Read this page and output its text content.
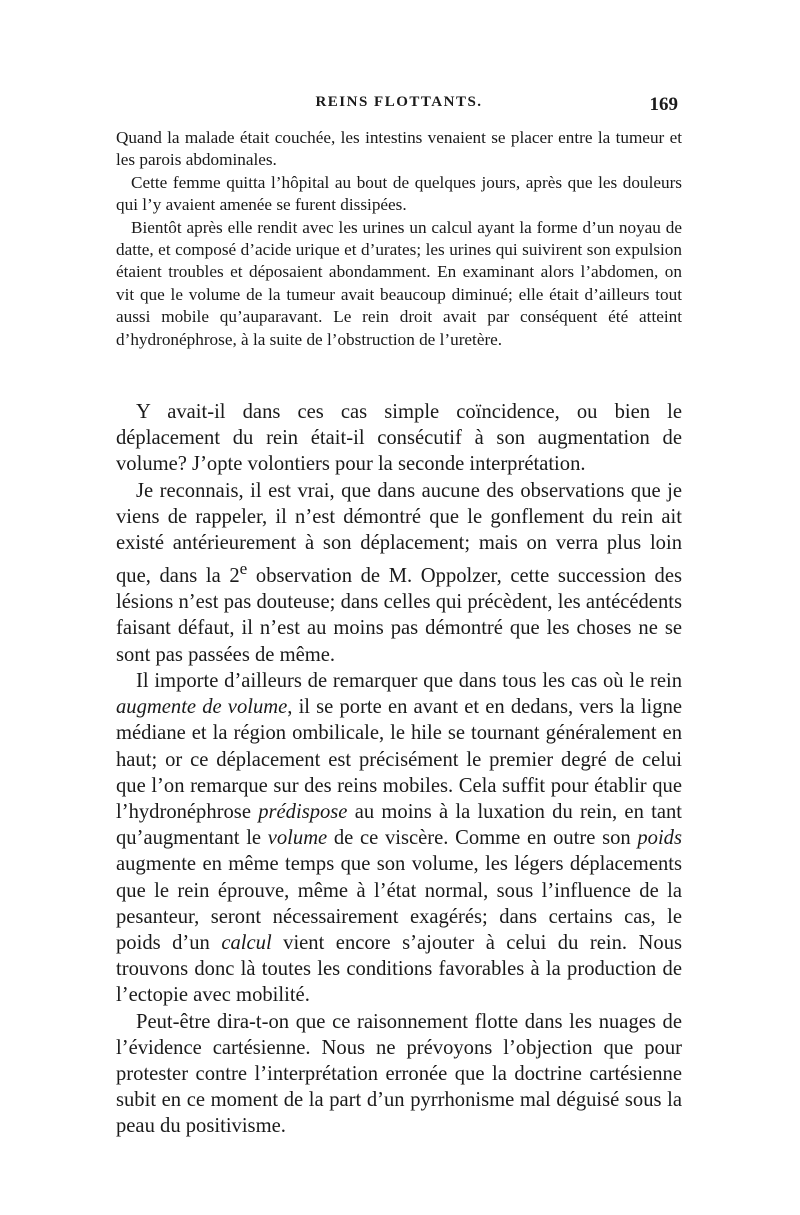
REINS FLOTTANTS.	169

Quand la malade était couchée, les intestins venaient se placer entre la tumeur et les parois abdominales.

Cette femme quitta l’hôpital au bout de quelques jours, après que les douleurs qui l’y avaient amenée se furent dissipées.

Bientôt après elle rendit avec les urines un calcul ayant la forme d’un noyau de datte, et composé d’acide urique et d’urates; les urines qui suivirent son expulsion étaient troubles et déposaient abondamment. En examinant alors l’abdomen, on vit que le volume de la tumeur avait beaucoup diminué; elle était d’ailleurs tout aussi mobile qu’auparavant. Le rein droit avait par conséquent été atteint d’hydronéphrose, à la suite de l’obstruction de l’uretère.

Y avait-il dans ces cas simple coïncidence, ou bien le déplacement du rein était-il consécutif à son augmentation de volume? J’opte volontiers pour la seconde interprétation.

Je reconnais, il est vrai, que dans aucune des observations que je viens de rappeler, il n’est démontré que le gonflement du rein ait existé antérieurement à son déplacement; mais on verra plus loin que, dans la 2e observation de M. Oppolzer, cette succession des lésions n’est pas douteuse; dans celles qui précèdent, les antécédents faisant défaut, il n’est au moins pas démontré que les choses ne se sont pas passées de même.

Il importe d’ailleurs de remarquer que dans tous les cas où le rein augmente de volume, il se porte en avant et en dedans, vers la ligne médiane et la région ombilicale, le hile se tournant généralement en haut; or ce déplacement est précisément le premier degré de celui que l’on remarque sur des reins mobiles. Cela suffit pour établir que l’hydronéphrose prédispose au moins à la luxation du rein, en tant qu’augmentant le volume de ce viscère. Comme en outre son poids augmente en même temps que son volume, les légers déplacements que le rein éprouve, même à l’état normal, sous l’influence de la pesanteur, seront nécessairement exagérés; dans certains cas, le poids d’un calcul vient encore s’ajouter à celui du rein. Nous trouvons donc là toutes les conditions favorables à la production de l’ectopie avec mobilité.

Peut-être dira-t-on que ce raisonnement flotte dans les nuages de l’évidence cartésienne. Nous ne prévoyons l’objection que pour protester contre l’interprétation erronée que la doctrine cartésienne subit en ce moment de la part d’un pyrrhonisme mal déguisé sous la peau du positivisme.
